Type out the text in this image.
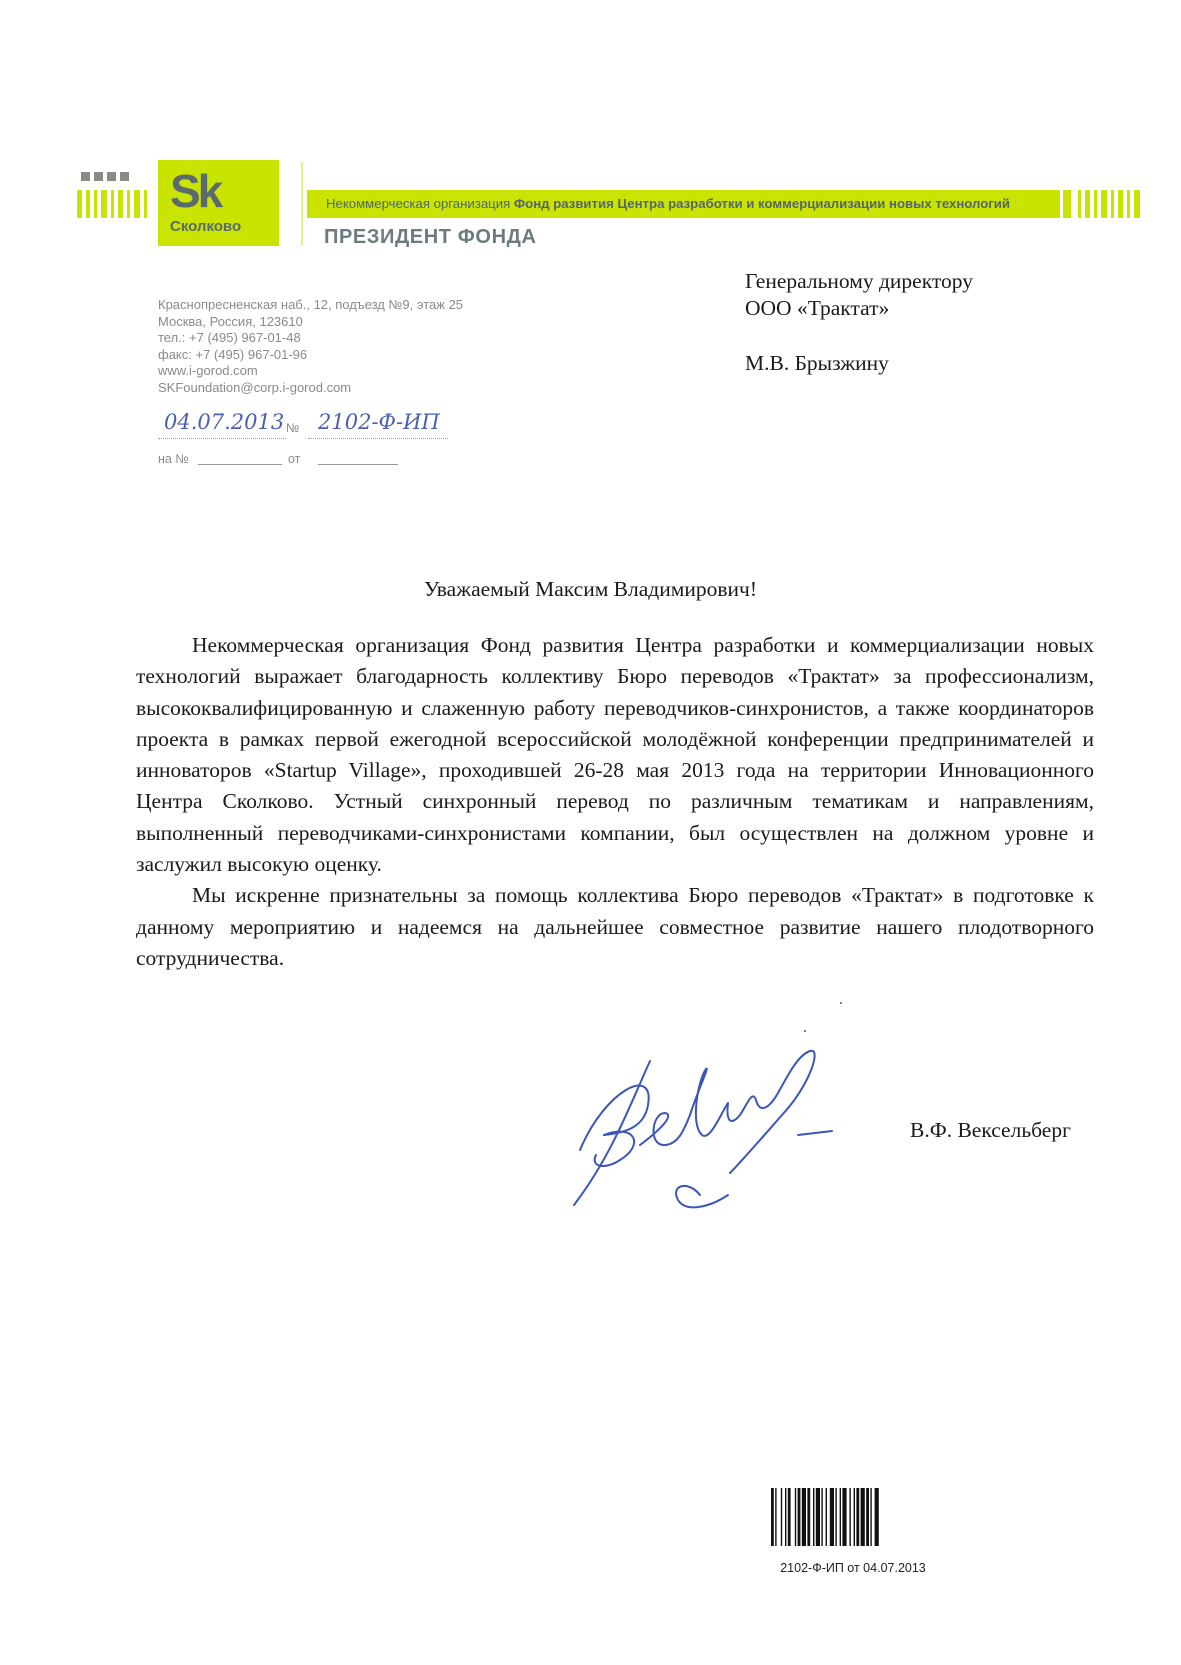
Sk
Сколково
Некоммерческая организация Фонд развития Центра разработки и коммерциализации новых технологий
ПРЕЗИДЕНТ ФОНДА
Краснопресненская наб., 12, подъезд №9, этаж 25
Москва, Россия, 123610
тел.: +7 (495) 967-01-48
факс: +7 (495) 967-01-96
www.i-gorod.com
SKFoundation@corp.i-gorod.com
04.07.2013 № 2102-Ф-ИП
на №	от
Генеральному директору
ООО «Трактат»
М.В. Брызжину
Уважаемый Максим Владимирович!

Некоммерческая организация Фонд развития Центра разработки и коммерциализации новых технологий выражает благодарность коллективу Бюро переводов «Трактат» за профессионализм, высококвалифицированную и слаженную работу переводчиков-синхронистов, а также координаторов проекта в рамках первой ежегодной всероссийской молодёжной конференции предпринимателей и инноваторов «Startup Village», проходившей 26-28 мая 2013 года на территории Инновационного Центра Сколково. Устный синхронный перевод по различным тематикам и направлениям, выполненный переводчиками-синхронистами компании, был осуществлен на должном уровне и заслужил высокую оценку.

Мы искренне признательны за помощь коллектива Бюро переводов «Трактат» в подготовке к данному мероприятию и надеемся на дальнейшее совместное развитие нашего плодотворного сотрудничества.

В.Ф. Вексельберг
2102-Ф-ИП от 04.07.2013
